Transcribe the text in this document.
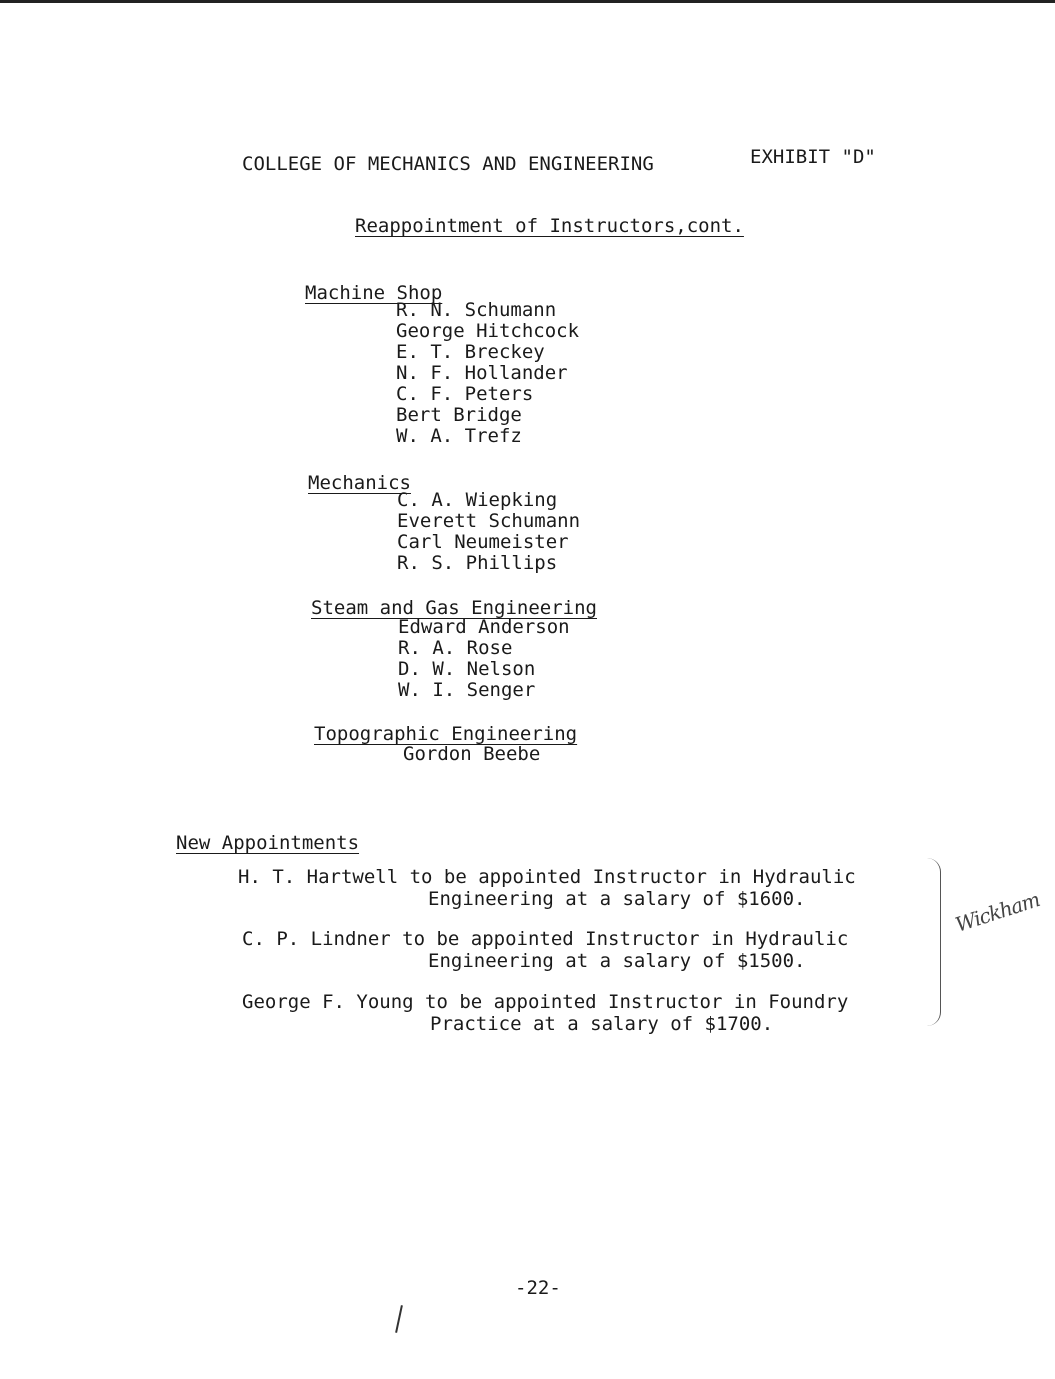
COLLEGE OF MECHANICS AND ENGINEERING	EXHIBIT "D"
Reappointment of Instructors,cont.
Machine Shop
R. N. Schumann
George Hitchcock
E. T. Breckey
N. F. Hollander
C. F. Peters
Bert Bridge
W. A. Trefz
Mechanics
C. A. Wiepking
Everett Schumann
Carl Neumeister
R. S. Phillips
Steam and Gas Engineering
Edward Anderson
R. A. Rose
D. W. Nelson
W. I. Senger
Topographic Engineering
Gordon Beebe
New Appointments
H. T. Hartwell to be appointed Instructor in Hydraulic
Engineering at a salary of $1600.
C. P. Lindner to be appointed Instructor in Hydraulic
Engineering at a salary of $1500.
George F. Young to be appointed Instructor in Foundry
Practice at a salary of $1700.
Wickham
-22-
